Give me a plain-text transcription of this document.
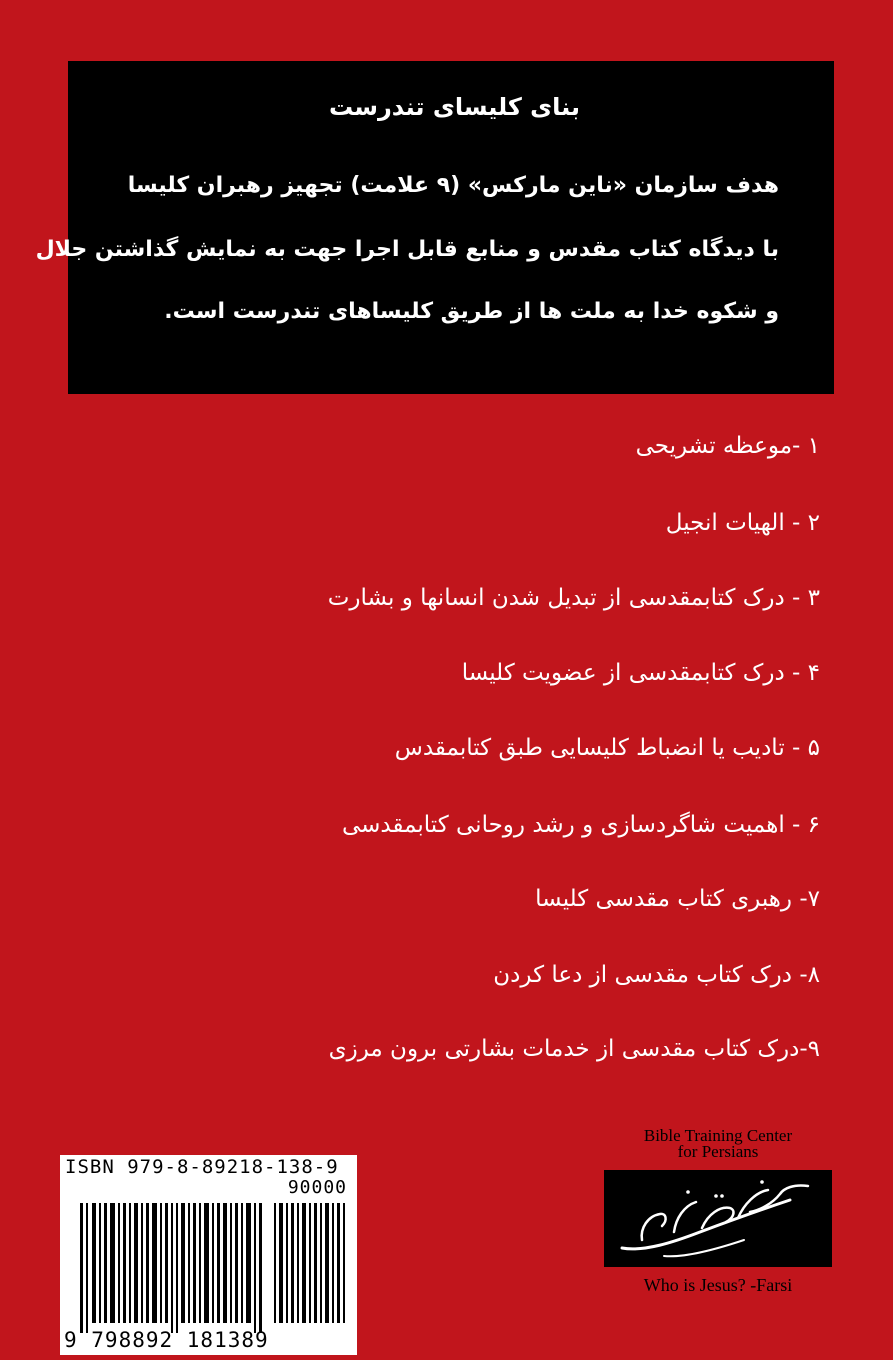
بنای کلیسای تندرست
هدف سازمان «ناین مارکس» (۹ علامت) تجهیز رهبران کلیسا
با دیدگاه کتاب مقدس و منابع قابل اجرا جهت به نمایش گذاشتن جلال
و شکوه خدا به ملت ها از طریق کلیساهای تندرست است.
۱ -موعظه تشریحی
۲ - الهیات انجیل
۳ - درک کتابمقدسی از تبدیل شدن انسانها و بشارت
۴ - درک کتابمقدسی از عضویت کلیسا
۵ - تادیب یا انضباط کلیسایی طبق کتابمقدس
۶ - اهمیت شاگردسازی و رشد روحانی کتابمقدسی
۷- رهبری کتاب مقدسی کلیسا
۸- درک کتاب مقدسی از دعا کردن
۹-درک کتاب مقدسی از خدمات بشارتی برون مرزی
ISBN 979-8-89218-138-9
90000
9 798892 181389
Bible Training Center
for Persians
Who is Jesus? -Farsi
